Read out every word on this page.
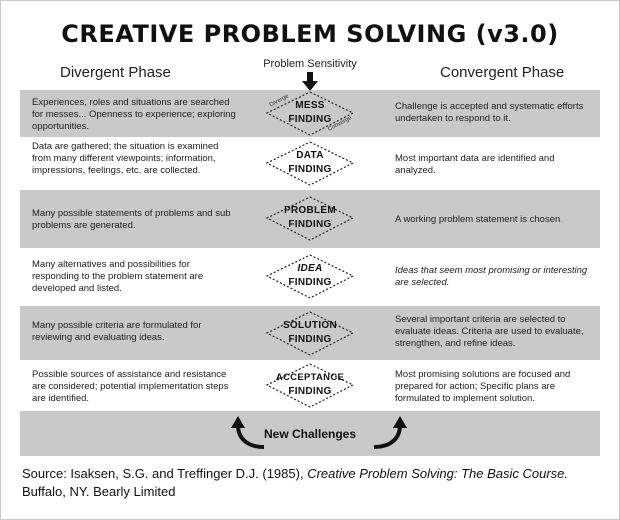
CREATIVE PROBLEM SOLVING (v3.0)
Divergent Phase	Convergent Phase
Problem Sensitivity
Experiences, roles and situations are searched for messes... Openness to experience; exploring opportunities.
MESS
FINDING
Diverge
Converge
Challenge is accepted and systematic efforts undertaken to respond to it.
Data are gathered; the situation is examined from many different viewpoints; information, impressions, feelings, etc. are collected.
DATA
FINDING
Most important data are identified and analyzed.
Many possible statements of problems and sub problems are generated.
PROBLEM
FINDING	A working problem statement is chosen.
Many alternatives and possibilities for responding to the problem statement are developed and listed.
IDEA
FINDING
Ideas that seem most promising or interesting are selected.
Many possible criteria are formulated for reviewing and evaluating ideas.
SOLUTION
FINDING
Several important criteria are selected to evaluate ideas. Criteria are used to evaluate, strengthen, and refine ideas.
Possible sources of assistance and resistance are considered; potential implementation steps are identified.
ACCEPTANCE
FINDING
Most promising solutions are focused and prepared for action; Specific plans are formulated to implement solution.
New Challenges
Source: Isaksen, S.G. and Treffinger D.J. (1985), Creative Problem Solving: The Basic Course.
Buffalo, NY. Bearly Limited
